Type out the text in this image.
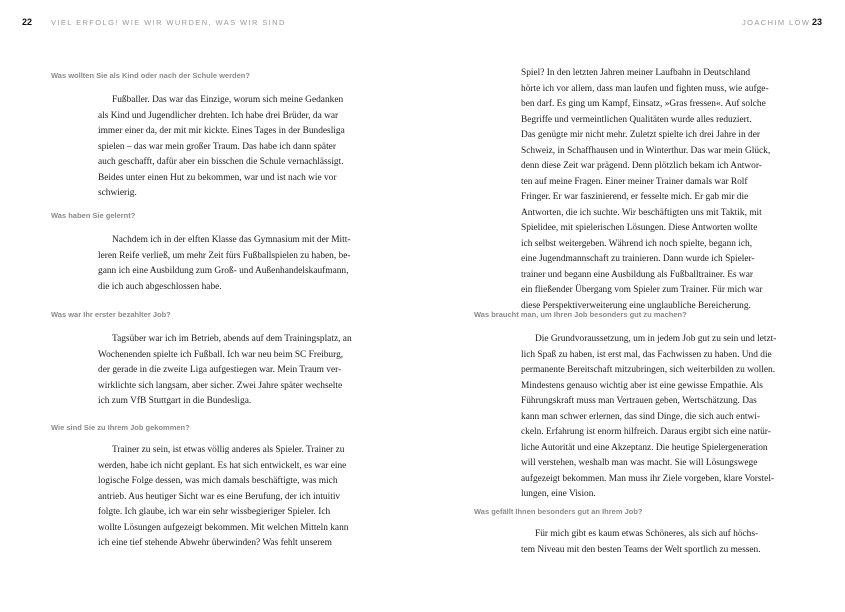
22	VIEL ERFOLG! WIE WIR WURDEN, WAS WIR SIND	JOACHIM LÖW 23
Was wollten Sie als Kind oder nach der Schule werden?
Fußballer. Das war das Einzige, worum sich meine Gedanken
als Kind und Jugendlicher drehten. Ich habe drei Brüder, da war
immer einer da, der mit mir kickte. Eines Tages in der Bundesliga
spielen – das war mein großer Traum. Das habe ich dann später
auch geschafft, dafür aber ein bisschen die Schule vernachlässigt.
Beides unter einen Hut zu bekommen, war und ist nach wie vor
schwierig.
Was haben Sie gelernt?
Nachdem ich in der elften Klasse das Gymnasium mit der Mitt-
leren Reife verließ, um mehr Zeit fürs Fußballspielen zu haben, be-
gann ich eine Ausbildung zum Groß- und Außenhandelskaufmann,
die ich auch abgeschlossen habe.
Was war Ihr erster bezahlter Job?
Tagsüber war ich im Betrieb, abends auf dem Trainingsplatz, an
Wochenenden spielte ich Fußball. Ich war neu beim SC Freiburg,
der gerade in die zweite Liga aufgestiegen war. Mein Traum ver-
wirklichte sich langsam, aber sicher. Zwei Jahre später wechselte
ich zum VfB Stuttgart in die Bundesliga.
Wie sind Sie zu Ihrem Job gekommen?
Trainer zu sein, ist etwas völlig anderes als Spieler. Trainer zu
werden, habe ich nicht geplant. Es hat sich entwickelt, es war eine
logische Folge dessen, was mich damals beschäftigte, was mich
antrieb. Aus heutiger Sicht war es eine Berufung, der ich intuitiv
folgte. Ich glaube, ich war ein sehr wissbegieriger Spieler. Ich
wollte Lösungen aufgezeigt bekommen. Mit welchen Mitteln kann
ich eine tief stehende Abwehr überwinden? Was fehlt unserem
Spiel? In den letzten Jahren meiner Laufbahn in Deutschland
hörte ich vor allem, dass man laufen und fighten muss, wie aufge-
ben darf. Es ging um Kampf, Einsatz, »Gras fressen«. Auf solche
Begriffe und vermeintlichen Qualitäten wurde alles reduziert.
Das genügte mir nicht mehr. Zuletzt spielte ich drei Jahre in der
Schweiz, in Schaffhausen und in Winterthur. Das war mein Glück,
denn diese Zeit war prägend. Denn plötzlich bekam ich Antwor-
ten auf meine Fragen. Einer meiner Trainer damals war Rolf
Fringer. Er war faszinierend, er fesselte mich. Er gab mir die
Antworten, die ich suchte. Wir beschäftigten uns mit Taktik, mit
Spielidee, mit spielerischen Lösungen. Diese Antworten wollte
ich selbst weitergeben. Während ich noch spielte, begann ich,
eine Jugendmannschaft zu trainieren. Dann wurde ich Spieler-
trainer und begann eine Ausbildung als Fußballtrainer. Es war
ein fließender Übergang vom Spieler zum Trainer. Für mich war
diese Perspektiverweiterung eine unglaubliche Bereicherung.
Was braucht man, um Ihren Job besonders gut zu machen?
Die Grundvoraussetzung, um in jedem Job gut zu sein und letzt-
lich Spaß zu haben, ist erst mal, das Fachwissen zu haben. Und die
permanente Bereitschaft mitzubringen, sich weiterbilden zu wollen.
Mindestens genauso wichtig aber ist eine gewisse Empathie. Als
Führungskraft muss man Vertrauen geben, Wertschätzung. Das
kann man schwer erlernen, das sind Dinge, die sich auch entwi-
ckeln. Erfahrung ist enorm hilfreich. Daraus ergibt sich eine natür-
liche Autorität und eine Akzeptanz. Die heutige Spielergeneration
will verstehen, weshalb man was macht. Sie will Lösungswege
aufgezeigt bekommen. Man muss ihr Ziele vorgeben, klare Vorstel-
lungen, eine Vision.
Was gefällt Ihnen besonders gut an Ihrem Job?
Für mich gibt es kaum etwas Schöneres, als sich auf höchs-
tem Niveau mit den besten Teams der Welt sportlich zu messen.
